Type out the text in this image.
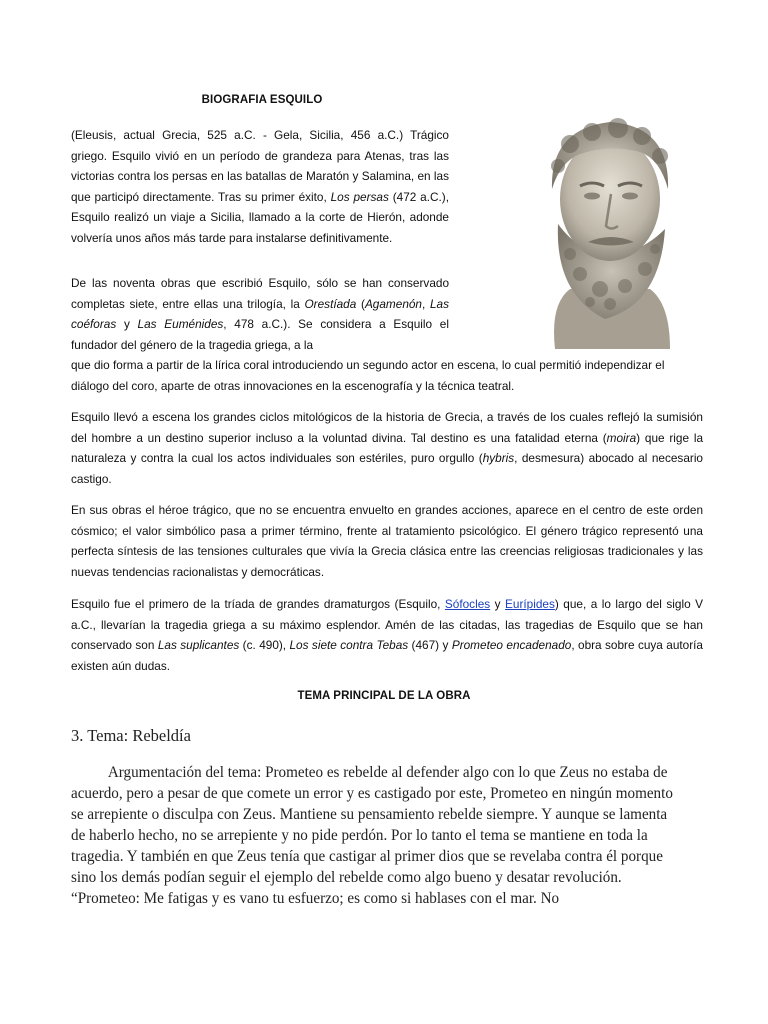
BIOGRAFIA ESQUILO
(Eleusis, actual Grecia, 525 a.C. - Gela, Sicilia, 456 a.C.) Trágico griego. Esquilo vivió en un período de grandeza para Atenas, tras las victorias contra los persas en las batallas de Maratón y Salamina, en las que participó directamente. Tras su primer éxito, Los persas (472 a.C.), Esquilo realizó un viaje a Sicilia, llamado a la corte de Hierón, adonde volvería unos años más tarde para instalarse definitivamente.
De las noventa obras que escribió Esquilo, sólo se han conservado completas siete, entre ellas una trilogía, la Orestíada (Agamenón, Las coéforas y Las Euménides, 478 a.C.). Se considera a Esquilo el fundador del género de la tragedia griega, a la
que dio forma a partir de la lírica coral introduciendo un segundo actor en escena, lo cual permitió independizar el diálogo del coro, aparte de otras innovaciones en la escenografía y la técnica teatral.
Esquilo llevó a escena los grandes ciclos mitológicos de la historia de Grecia, a través de los cuales reflejó la sumisión del hombre a un destino superior incluso a la voluntad divina. Tal destino es una fatalidad eterna (moira) que rige la naturaleza y contra la cual los actos individuales son estériles, puro orgullo (hybris, desmesura) abocado al necesario castigo.
En sus obras el héroe trágico, que no se encuentra envuelto en grandes acciones, aparece en el centro de este orden cósmico; el valor simbólico pasa a primer término, frente al tratamiento psicológico. El género trágico representó una perfecta síntesis de las tensiones culturales que vivía la Grecia clásica entre las creencias religiosas tradicionales y las nuevas tendencias racionalistas y democráticas.
Esquilo fue el primero de la tríada de grandes dramaturgos (Esquilo, Sófocles y Eurípides) que, a lo largo del siglo V a.C., llevarían la tragedia griega a su máximo esplendor. Amén de las citadas, las tragedias de Esquilo que se han conservado son Las suplicantes (c. 490), Los siete contra Tebas (467) y Prometeo encadenado, obra sobre cuya autoría existen aún dudas.
TEMA PRINCIPAL DE LA OBRA
3. Tema: Rebeldía
Argumentación del tema: Prometeo es rebelde al defender algo con lo que Zeus no estaba de acuerdo, pero a pesar de que comete un error y es castigado por este, Prometeo en ningún momento se arrepiente o disculpa con Zeus. Mantiene su pensamiento rebelde siempre. Y aunque se lamenta de haberlo hecho, no se arrepiente y no pide perdón. Por lo tanto el tema se mantiene en toda la tragedia. Y también en que Zeus tenía que castigar al primer dios que se revelaba contra él porque sino los demás podían seguir el ejemplo del rebelde como algo bueno y desatar revolución. “Prometeo: Me fatigas y es vano tu esfuerzo; es como si hablases con el mar. No
